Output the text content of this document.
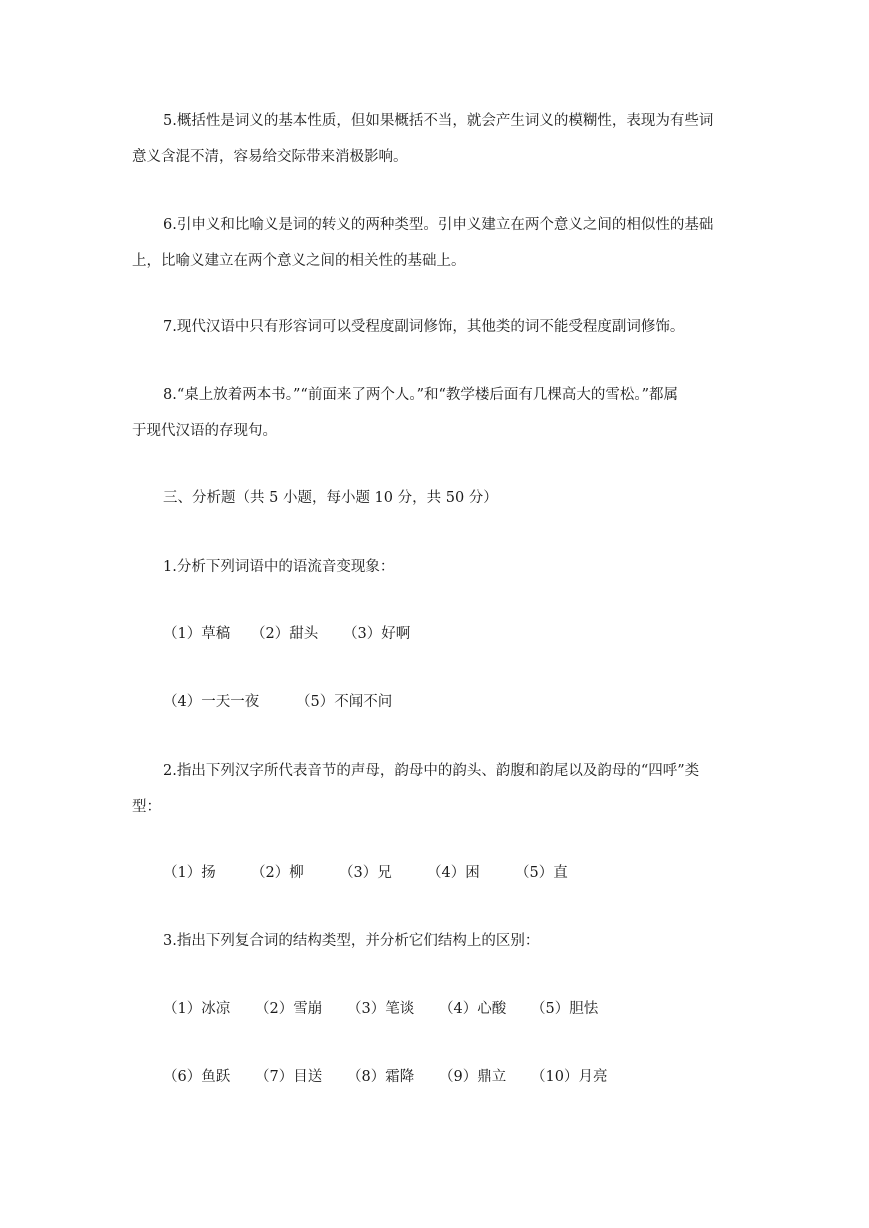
5.概括性是词义的基本性质，但如果概括不当，就会产生词义的模糊性，表现为有些词
意义含混不清，容易给交际带来消极影响。
6.引申义和比喻义是词的转义的两种类型。引申义建立在两个意义之间的相似性的基础
上，比喻义建立在两个意义之间的相关性的基础上。
7.现代汉语中只有形容词可以受程度副词修饰，其他类的词不能受程度副词修饰。
8.“桌上放着两本书。”“前面来了两个人。”和“教学楼后面有几棵高大的雪松。”都属
于现代汉语的存现句。
三、分析题（共 5 小题，每小题 10 分，共 50 分）
1.分析下列词语中的语流音变现象：
（1）草稿 （2）甜头 （3）好啊
（4）一天一夜	（5）不闻不问
2.指出下列汉字所代表音节的声母，韵母中的韵头、韵腹和韵尾以及韵母的“四呼”类
型：
（1）扬 （2）柳 （3）兄 （4）困 （5）直
3.指出下列复合词的结构类型，并分析它们结构上的区别：
（1）冰凉 （2）雪崩 （3）笔谈 （4）心酸 （5）胆怯
（6）鱼跃 （7）目送 （8）霜降 （9）鼎立 （10）月亮
